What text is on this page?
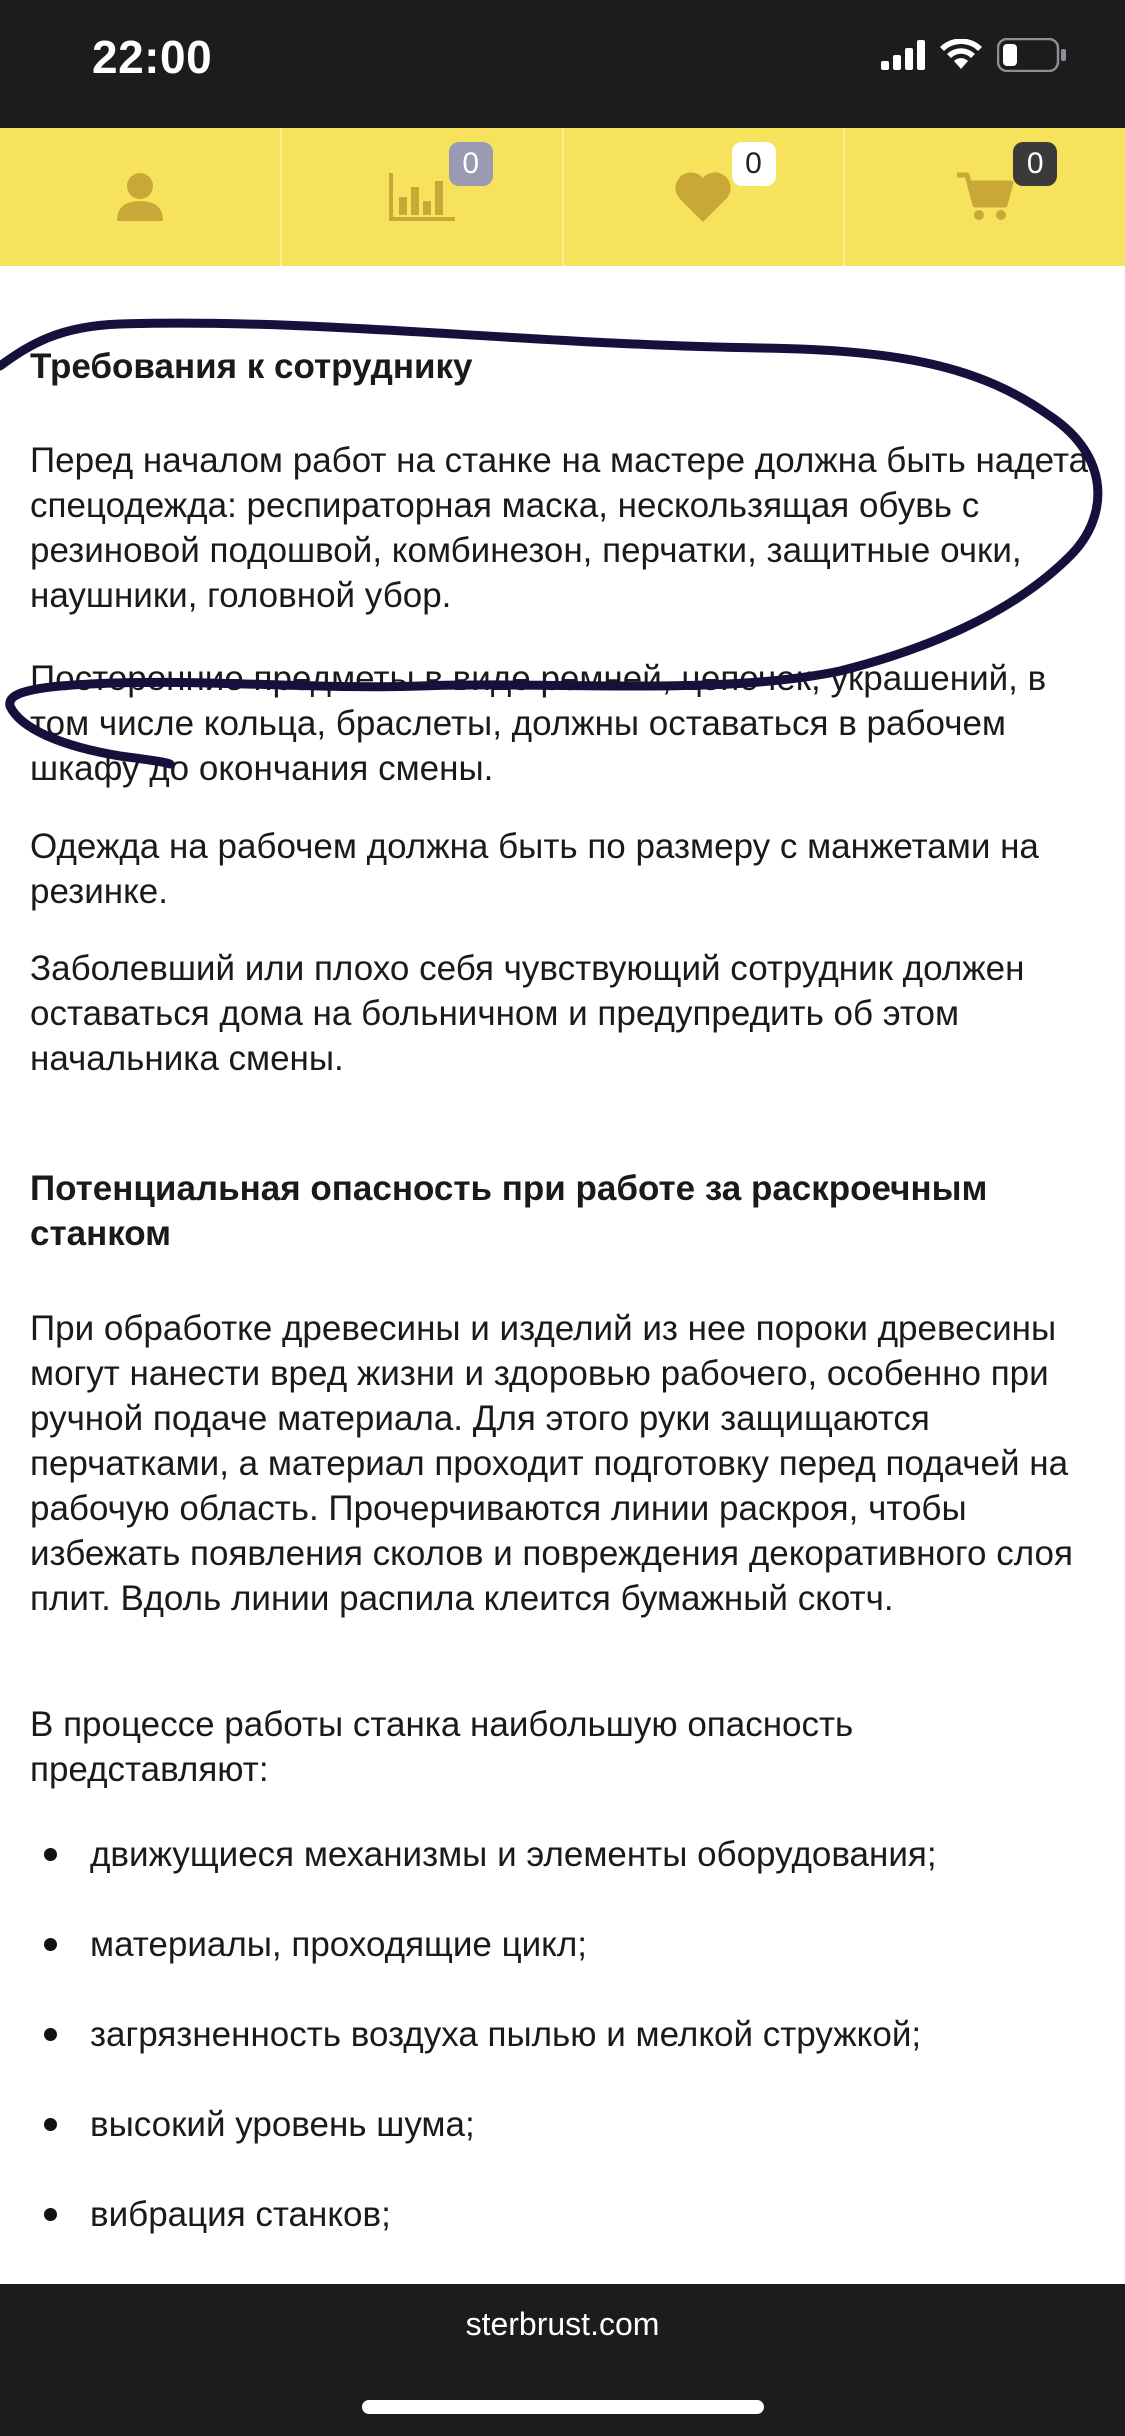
22:00
0	0	0
Требования к сотруднику

Перед началом работ на станке на мастере должна быть надета спецодежда: респираторная маска, нескользящая обувь с резиновой подошвой, комбинезон, перчатки, защитные очки, наушники, головной убор.

Посторонние предметы в виде ремней, цепочек, украшений, в том числе кольца, браслеты, должны оставаться в рабочем шкафу до окончания смены.

Одежда на рабочем должна быть по размеру с манжетами на резинке.

Заболевший или плохо себя чувствующий сотрудник должен оставаться дома на больничном и предупредить об этом начальника смены.

Потенциальная опасность при работе за раскроечным станком

При обработке древесины и изделий из нее пороки древесины могут нанести вред жизни и здоровью рабочего, особенно при ручной подаче материала. Для этого руки защищаются перчатками, а материал проходит подготовку перед подачей на рабочую область. Прочерчиваются линии раскроя, чтобы избежать появления сколов и повреждения декоративного слоя плит. Вдоль линии распила клеится бумажный скотч.

В процессе работы станка наибольшую опасность представляют:

движущиеся механизмы и элементы оборудования;
материалы, проходящие цикл;
загрязненность воздуха пылью и мелкой стружкой;
высокий уровень шума;
вибрация станков;
sterbrust.com
